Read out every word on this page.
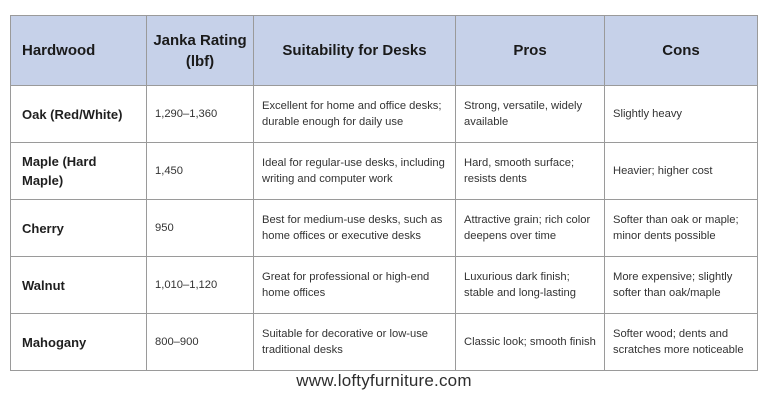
Hardwood	Janka Rating (lbf)	Suitability for Desks	Pros	Cons
Oak (Red/White)	1,290–1,360	Excellent for home and office desks; durable enough for daily use	Strong, versatile, widely available	Slightly heavy
Maple (Hard Maple)	1,450	Ideal for regular-use desks, including writing and computer work	Hard, smooth surface; resists dents	Heavier; higher cost
Cherry	950	Best for medium-use desks, such as home offices or executive desks	Attractive grain; rich color deepens over time	Softer than oak or maple; minor dents possible
Walnut	1,010–1,120	Great for professional or high-end home offices	Luxurious dark finish; stable and long-lasting	More expensive; slightly softer than oak/maple
Mahogany	800–900	Suitable for decorative or low-use traditional desks	Classic look; smooth finish	Softer wood; dents and scratches more noticeable
www.loftyfurniture.com
